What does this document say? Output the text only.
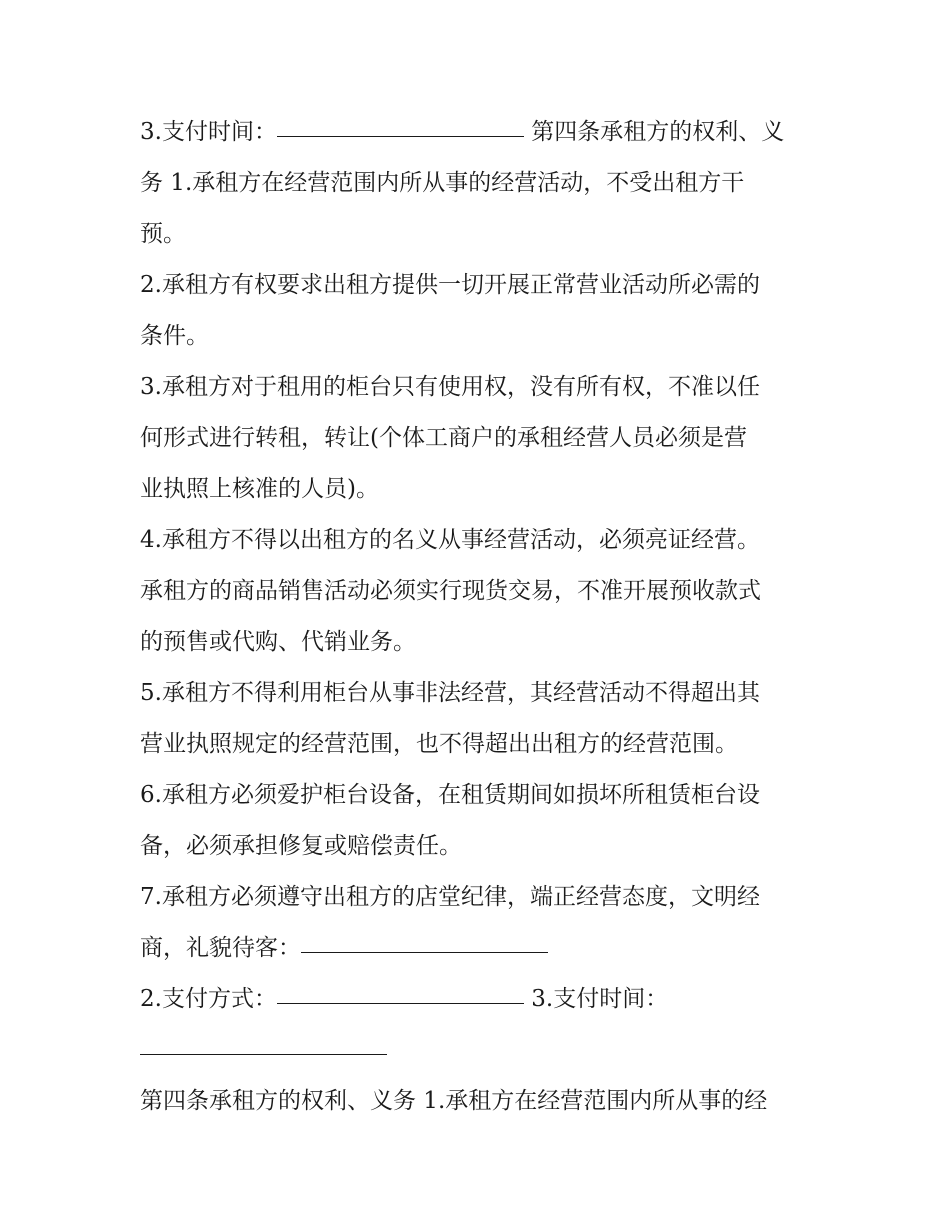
3.支付时间：	第四条承租方的权利、义
务 1.承租方在经营范围内所从事的经营活动，不受出租方干
预。
2.承租方有权要求出租方提供一切开展正常营业活动所必需的
条件。
3.承租方对于租用的柜台只有使用权，没有所有权，不准以任
何形式进行转租，转让(个体工商户的承租经营人员必须是营
业执照上核准的人员)。
4.承租方不得以出租方的名义从事经营活动，必须亮证经营。
承租方的商品销售活动必须实行现货交易，不准开展预收款式
的预售或代购、代销业务。
5.承租方不得利用柜台从事非法经营，其经营活动不得超出其
营业执照规定的经营范围，也不得超出出租方的经营范围。
6.承租方必须爱护柜台设备，在租赁期间如损坏所租赁柜台设
备，必须承担修复或赔偿责任。
7.承租方必须遵守出租方的店堂纪律，端正经营态度，文明经
商，礼貌待客：
2.支付方式：	3.支付时间：
第四条承租方的权利、义务 1.承租方在经营范围内所从事的经
